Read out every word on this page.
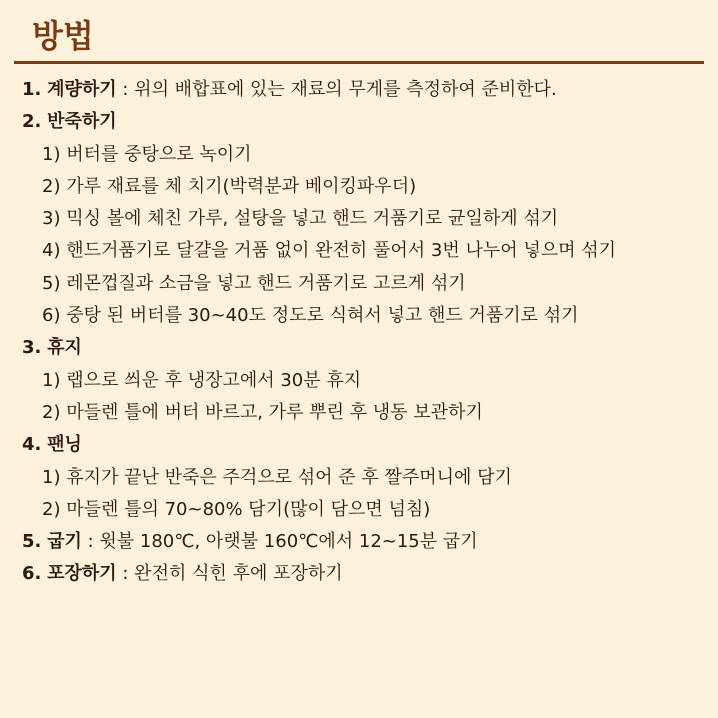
방법
1. 계량하기 : 위의 배합표에 있는 재료의 무게를 측정하여 준비한다.
2. 반죽하기
1) 버터를 중탕으로 녹이기
2) 가루 재료를 체 치기(박력분과 베이킹파우더)
3) 믹싱 볼에 체친 가루, 설탕을 넣고 핸드 거품기로 균일하게 섞기
4) 핸드거품기로 달걀을 거품 없이 완전히 풀어서 3번 나누어 넣으며 섞기
5) 레몬껍질과 소금을 넣고 핸드 거품기로 고르게 섞기
6) 중탕 된 버터를 30~40도 정도로 식혀서 넣고 핸드 거품기로 섞기
3. 휴지
1) 랩으로 씌운 후 냉장고에서 30분 휴지
2) 마들렌 틀에 버터 바르고, 가루 뿌린 후 냉동 보관하기
4. 팬닝
1) 휴지가 끝난 반죽은 주걱으로 섞어 준 후 짤주머니에 담기
2) 마들렌 틀의 70~80% 담기(많이 담으면 넘침)
5. 굽기 : 윗불 180℃, 아랫불 160℃에서 12~15분 굽기
6. 포장하기 : 완전히 식힌 후에 포장하기
